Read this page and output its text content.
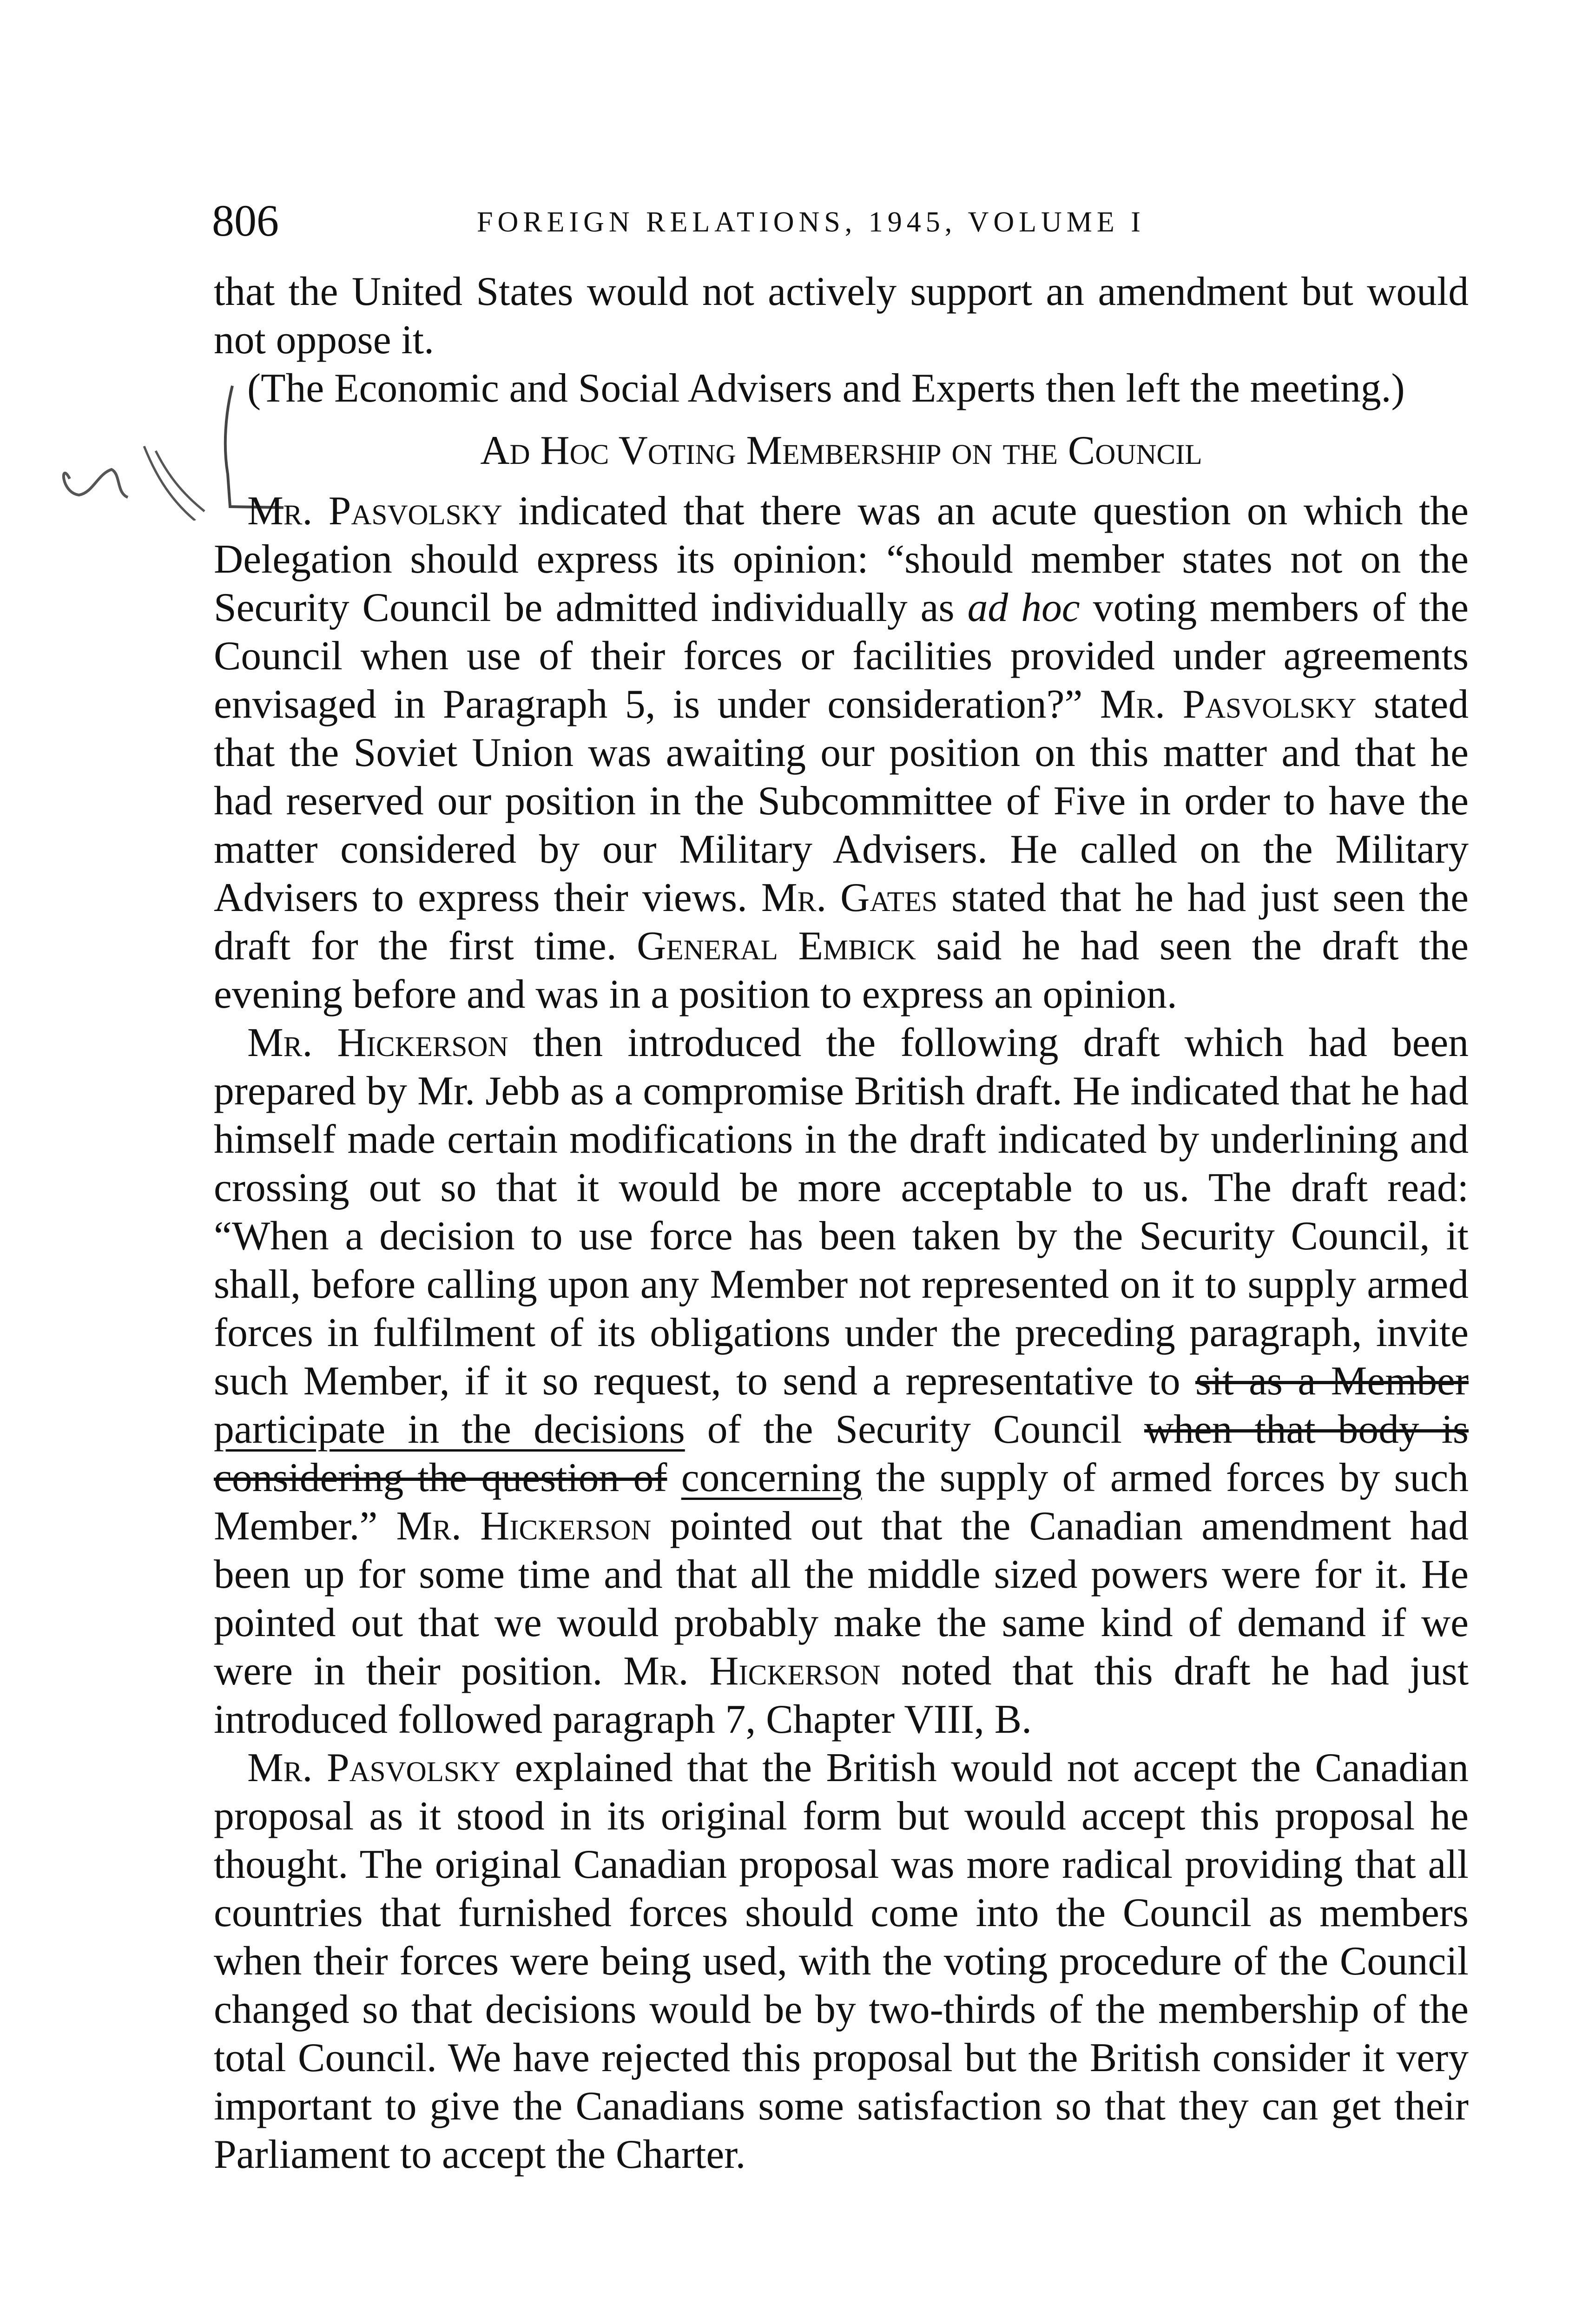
806	FOREIGN RELATIONS, 1945, VOLUME I

that the United States would not actively support an amendment but would not oppose it.

(The Economic and Social Advisers and Experts then left the meeting.)

Ad Hoc Voting Membership on the Council

Mr. Pasvolsky indicated that there was an acute question on which the Delegation should express its opinion: “should member states not on the Security Council be admitted individually as ad hoc voting members of the Council when use of their forces or facilities provided under agreements envisaged in Paragraph 5, is under consideration?” Mr. Pasvolsky stated that the Soviet Union was awaiting our position on this matter and that he had reserved our position in the Subcommittee of Five in order to have the matter considered by our Military Advisers. He called on the Military Advisers to express their views. Mr. Gates stated that he had just seen the draft for the first time. General Embick said he had seen the draft the evening before and was in a position to express an opinion.

Mr. Hickerson then introduced the following draft which had been prepared by Mr. Jebb as a compromise British draft. He indicated that he had himself made certain modifications in the draft indicated by underlining and crossing out so that it would be more acceptable to us. The draft read: “When a decision to use force has been taken by the Security Council, it shall, before calling upon any Member not represented on it to supply armed forces in fulfilment of its obligations under the preceding paragraph, invite such Member, if it so request, to send a representative to sit as a Member participate in the decisions of the Security Council when that body is considering the question of concerning the supply of armed forces by such Member.” Mr. Hickerson pointed out that the Canadian amendment had been up for some time and that all the middle sized powers were for it. He pointed out that we would probably make the same kind of demand if we were in their position. Mr. Hickerson noted that this draft he had just introduced followed paragraph 7, Chapter VIII, B.

Mr. Pasvolsky explained that the British would not accept the Canadian proposal as it stood in its original form but would accept this proposal he thought. The original Canadian proposal was more radical providing that all countries that furnished forces should come into the Council as members when their forces were being used, with the voting procedure of the Council changed so that decisions would be by two-thirds of the membership of the total Council. We have rejected this proposal but the British consider it very important to give the Canadians some satisfaction so that they can get their Parliament to accept the Charter.
